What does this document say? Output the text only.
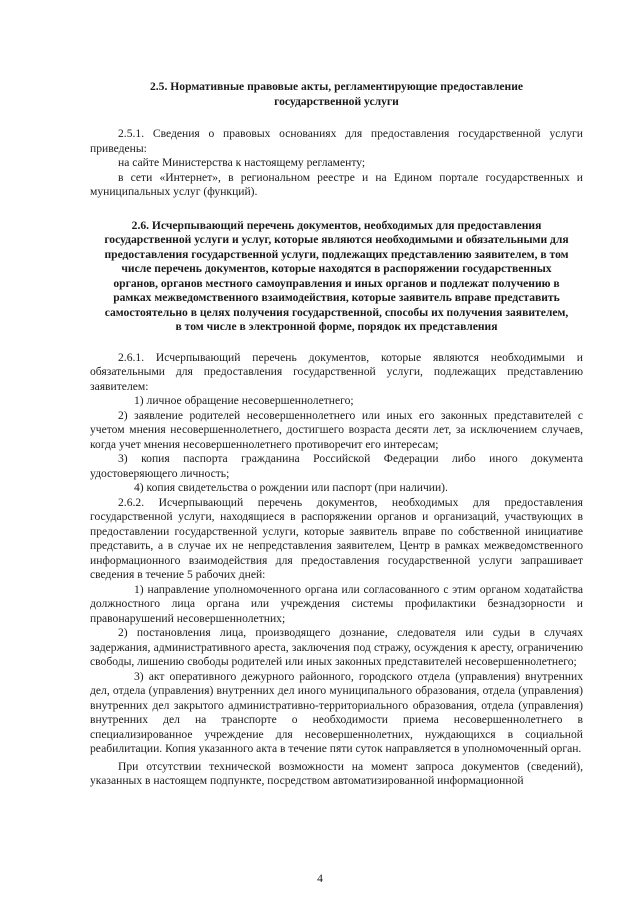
2.5. Нормативные правовые акты, регламентирующие предоставление
государственной услуги

2.5.1. Сведения о правовых основаниях для предоставления государственной услуги приведены:

на сайте Министерства к настоящему регламенту;

в сети «Интернет», в региональном реестре и на Едином портале государственных и муниципальных услуг (функций).

2.6. Исчерпывающий перечень документов, необходимых для предоставления
государственной услуги и услуг, которые являются необходимыми и обязательными для
предоставления государственной услуги, подлежащих представлению заявителем, в том
числе перечень документов, которые находятся в распоряжении государственных
органов, органов местного самоуправления и иных органов и подлежат получению в
рамках межведомственного взаимодействия, которые заявитель вправе представить
самостоятельно в целях получения государственной, способы их получения заявителем,
в том числе в электронной форме, порядок их представления

2.6.1. Исчерпывающий перечень документов, которые являются необходимыми и обязательными для предоставления государственной услуги, подлежащих представлению заявителем:

1) личное обращение несовершеннолетнего;

2) заявление родителей несовершеннолетнего или иных его законных представителей с учетом мнения несовершеннолетнего, достигшего возраста десяти лет, за исключением случаев, когда учет мнения несовершеннолетнего противоречит его интересам;

3) копия паспорта гражданина Российской Федерации либо иного документа удостоверяющего личность;

4) копия свидетельства о рождении или паспорт (при наличии).

2.6.2. Исчерпывающий перечень документов, необходимых для предоставления государственной услуги, находящиеся в распоряжении органов и организаций, участвующих в предоставлении государственной услуги, которые заявитель вправе по собственной инициативе представить, а в случае их не непредставления заявителем, Центр в рамках межведомственного информационного взаимодействия для предоставления государственной услуги запрашивает сведения в течение 5 рабочих дней:

1) направление уполномоченного органа или согласованного с этим органом ходатайства должностного лица органа или учреждения системы профилактики безнадзорности и правонарушений несовершеннолетних;

2) постановления лица, производящего дознание, следователя или судьи в случаях задержания, административного ареста, заключения под стражу, осуждения к аресту, ограничению свободы, лишению свободы родителей или иных законных представителей несовершеннолетнего;

3) акт оперативного дежурного районного, городского отдела (управления) внутренних дел, отдела (управления) внутренних дел иного муниципального образования, отдела (управления) внутренних дел закрытого административно-территориального образования, отдела (управления) внутренних дел на транспорте о необходимости приема несовершеннолетнего в специализированное учреждение для несовершеннолетних, нуждающихся в социальной реабилитации. Копия указанного акта в течение пяти суток направляется в уполномоченный орган.

При отсутствии технической возможности на момент запроса документов (сведений), указанных в настоящем подпункте, посредством автоматизированной информационной

4
